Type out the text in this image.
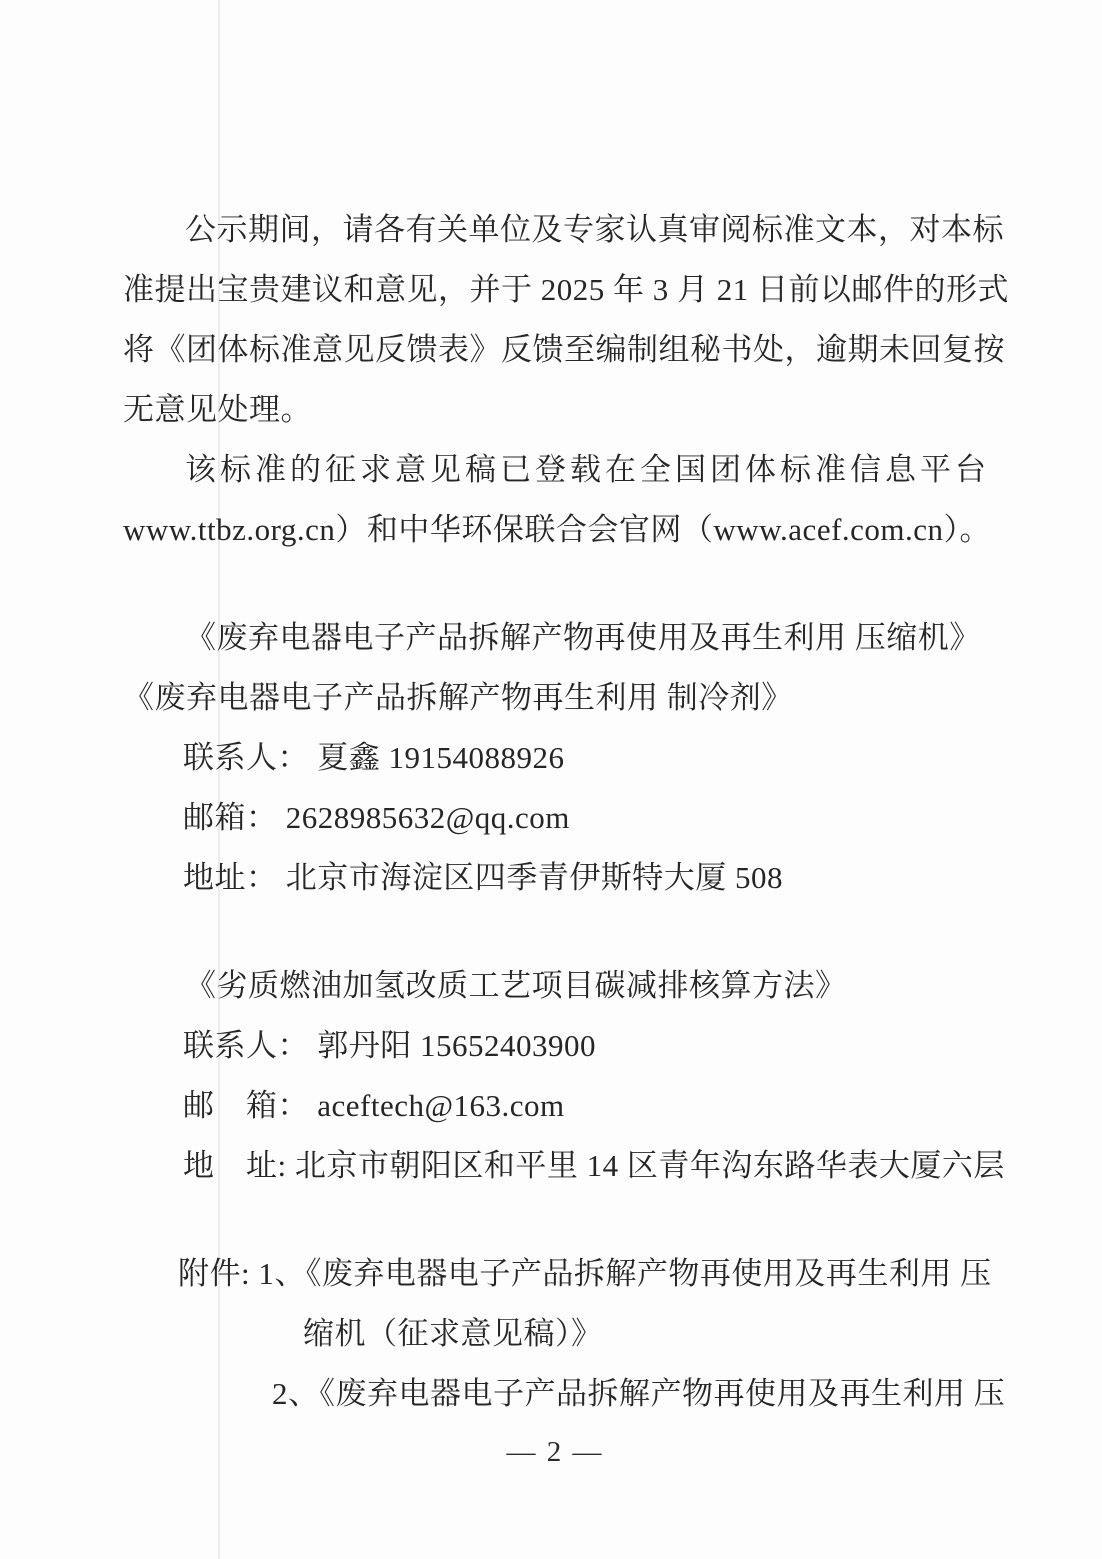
公示期间，请各有关单位及专家认真审阅标准文本，对本标
准提出宝贵建议和意见，并于 2025 年 3 月 21 日前以邮件的形式
将《团体标准意见反馈表》反馈至编制组秘书处，逾期未回复按
无意见处理。
该标准的征求意见稿已登载在全国团体标准信息平台
www.ttbz.org.cn）和中华环保联合会官网（www.acef.com.cn）。
《废弃电器电子产品拆解产物再使用及再生利用 压缩机》
《废弃电器电子产品拆解产物再生利用 制冷剂》
联系人： 夏鑫 19154088926
邮箱： 2628985632@qq.com
地址： 北京市海淀区四季青伊斯特大厦 508
《劣质燃油加氢改质工艺项目碳减排核算方法》
联系人： 郭丹阳 15652403900
邮　箱： aceftech@163.com
地　址: 北京市朝阳区和平里 14 区青年沟东路华表大厦六层
附件: 1、《废弃电器电子产品拆解产物再使用及再生利用 压
缩机（征求意见稿）》
2、《废弃电器电子产品拆解产物再使用及再生利用 压
— 2 —
